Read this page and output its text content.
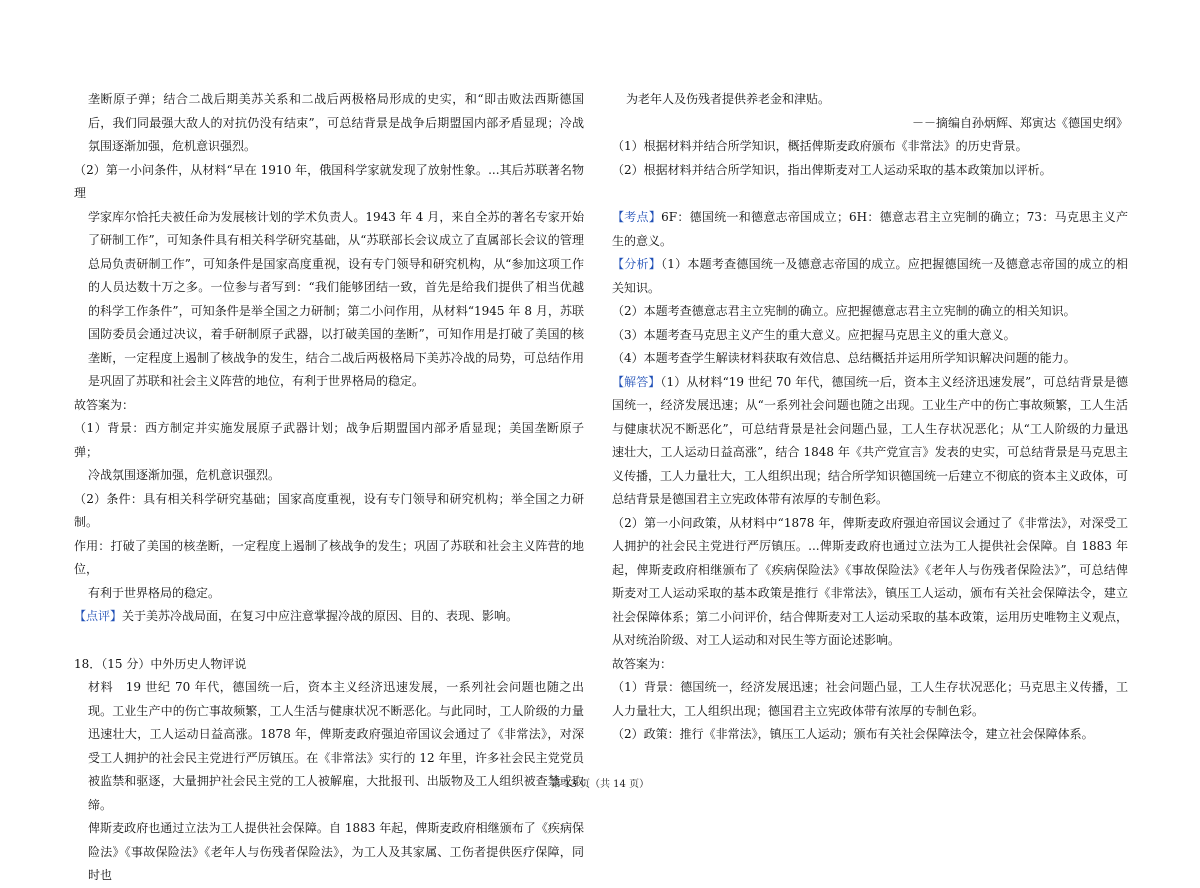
垄断原子弹；结合二战后期美苏关系和二战后两极格局形成的史实，和“即击败法西斯德国后，我们同最强大敌人的对抗仍没有结束”，可总结背景是战争后期盟国内部矛盾显现；冷战氛围逐渐加强，危机意识强烈。

（2）第一小问条件，从材料“早在 1910 年，俄国科学家就发现了放射性象。...其后苏联著名物理
学家库尔恰托夫被任命为发展核计划的学术负责人。1943 年 4 月，来自全苏的著名专家开始了研制工作”，可知条件具有相关科学研究基础，从“苏联部长会议成立了直属部长会议的管理总局负责研制工作”，可知条件是国家高度重视，设有专门领导和研究机构，从“参加这项工作的人员达数十万之多。一位参与者写到：“我们能够团结一致，首先是给我们提供了相当优越的科学工作条件”，可知条件是举全国之力研制；第二小问作用，从材料“1945 年 8 月，苏联国防委员会通过决议，着手研制原子武器，以打破美国的垄断”，可知作用是打破了美国的核垄断，一定程度上遏制了核战争的发生，结合二战后两极格局下美苏冷战的局势，可总结作用是巩固了苏联和社会主义阵营的地位，有利于世界格局的稳定。

故答案为：

（1）背景：西方制定并实施发展原子武器计划；战争后期盟国内部矛盾显现；美国垄断原子弹；
冷战氛围逐渐加强，危机意识强烈。

（2）条件：具有相关科学研究基础；国家高度重视，设有专门领导和研究机构；举全国之力研制。

作用：打破了美国的核垄断，一定程度上遏制了核战争的发生；巩固了苏联和社会主义阵营的地位，
有利于世界格局的稳定。

【点评】关于美苏冷战局面，在复习中应注意掌握冷战的原因、目的、表现、影响。

18．（15 分）中外历史人物评说

材料　19 世纪 70 年代，德国统一后，资本主义经济迅速发展，一系列社会问题也随之出现。工业生产中的伤亡事故频繁，工人生活与健康状况不断恶化。与此同时，工人阶级的力量迅速壮大，工人运动日益高涨。1878 年，俾斯麦政府强迫帝国议会通过了《非常法》，对深受工人拥护的社会民主党进行严厉镇压。在《非常法》实行的 12 年里，许多社会民主党党员被监禁和驱逐，大量拥护社会民主党的工人被解雇，大批报刊、出版物及工人组织被查禁或取缔。

俾斯麦政府也通过立法为工人提供社会保障。自 1883 年起，俾斯麦政府相继颁布了《疾病保险法》《事故保险法》《老年人与伤残者保险法》，为工人及其家属、工伤者提供医疗保障，同时也

为老年人及伤残者提供养老金和津贴。

－－摘编自孙炳辉、郑寅达《德国史纲》

（1）根据材料并结合所学知识，概括俾斯麦政府颁布《非常法》的历史背景。

（2）根据材料并结合所学知识，指出俾斯麦对工人运动采取的基本政策加以评析。

【考点】6F：德国统一和德意志帝国成立；6H：德意志君主立宪制的确立；73：马克思主义产生的意义。

【分析】（1）本题考查德国统一及德意志帝国的成立。应把握德国统一及德意志帝国的成立的相关知识。

（2）本题考查德意志君主立宪制的确立。应把握德意志君主立宪制的确立的相关知识。

（3）本题考查马克思主义产生的重大意义。应把握马克思主义的重大意义。

（4）本题考查学生解读材料获取有效信息、总结概括并运用所学知识解决问题的能力。

【解答】（1）从材料“19 世纪 70 年代，德国统一后，资本主义经济迅速发展”，可总结背景是德国统一，经济发展迅速；从“一系列社会问题也随之出现。工业生产中的伤亡事故频繁，工人生活与健康状况不断恶化”，可总结背景是社会问题凸显，工人生存状况恶化；从“工人阶级的力量迅速壮大，工人运动日益高涨”，结合 1848 年《共产党宣言》发表的史实，可总结背景是马克思主义传播，工人力量壮大，工人组织出现；结合所学知识德国统一后建立不彻底的资本主义政体，可总结背景是德国君主立宪政体带有浓厚的专制色彩。

（2）第一小问政策，从材料中“1878 年，俾斯麦政府强迫帝国议会通过了《非常法》，对深受工人拥护的社会民主党进行严厉镇压。...俾斯麦政府也通过立法为工人提供社会保障。自 1883 年起，俾斯麦政府相继颁布了《疾病保险法》《事故保险法》《老年人与伤残者保险法》”，可总结俾斯麦对工人运动采取的基本政策是推行《非常法》，镇压工人运动，颁布有关社会保障法令，建立社会保障体系；第二小问评价，结合俾斯麦对工人运动采取的基本政策，运用历史唯物主义观点，从对统治阶级、对工人运动和对民生等方面论述影响。

故答案为：

（1）背景：德国统一，经济发展迅速；社会问题凸显，工人生存状况恶化；马克思主义传播，工人力量壮大，工人组织出现；德国君主立宪政体带有浓厚的专制色彩。

（2）政策：推行《非常法》，镇压工人运动；颁布有关社会保障法令，建立社会保障体系。

第 13 页（共 14 页）
